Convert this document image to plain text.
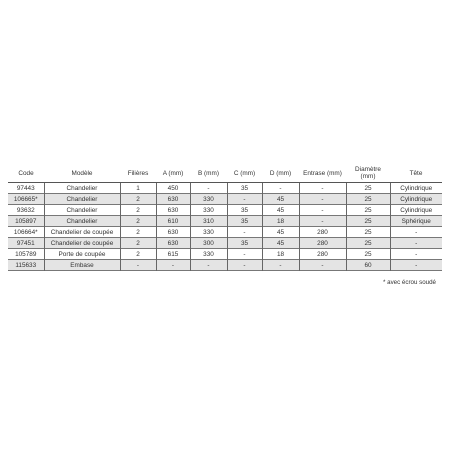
Code	Modèle	Filières	A (mm)	B (mm)	C (mm)	D (mm)	Entrase (mm)	Diamètre (mm)	Tête
97443	Chandelier	1	450	-	35	-	-	25	Cylindrique
106665*	Chandelier	2	630	330	-	45	-	25	Cylindrique
93632	Chandelier	2	630	330	35	45	-	25	Cylindrique
105897	Chandelier	2	610	310	35	18	-	25	Sphérique
106664*	Chandelier de coupée	2	630	330	-	45	280	25	-
97451	Chandelier de coupée	2	630	300	35	45	280	25	-
105789	Porte de coupée	2	615	330	-	18	280	25	-
115633	Embase	-	-	-	-	-	-	60	-
* avec écrou soudé
